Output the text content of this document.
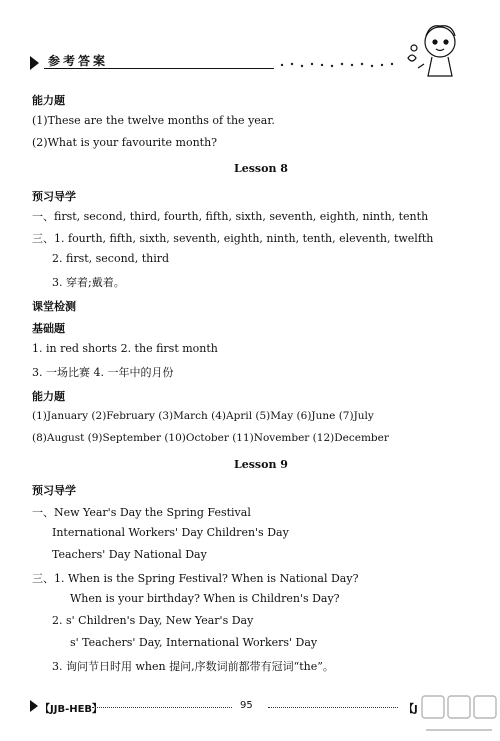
参考答案
能力题
(1)These are the twelve months of the year.
(2)What is your favourite month?
Lesson 8
预习导学
一、first, second, third, fourth, fifth, sixth, seventh, eighth, ninth, tenth
三、1. fourth, fifth, sixth, seventh, eighth, ninth, tenth, eleventh, twelfth
2. first, second, third
3. 穿着;戴着。
课堂检测
基础题
1. in red shorts 2. the first month
3. 一场比赛 4. 一年中的月份
能力题
(1)January (2)February (3)March (4)April (5)May (6)June (7)July
(8)August (9)September (10)October (11)November (12)December
Lesson 9
预习导学
一、New Year's Day the Spring Festival
International Workers' Day Children's Day
Teachers' Day National Day
三、1. When is the Spring Festival? When is National Day?
When is your birthday? When is Children's Day?
2. s' Children's Day, New Year's Day
s' Teachers' Day, International Workers' Day
3. 询问节日时用 when 提问,序数词前都带有冠词“the”。
【JJB-HEB】	95	【J
